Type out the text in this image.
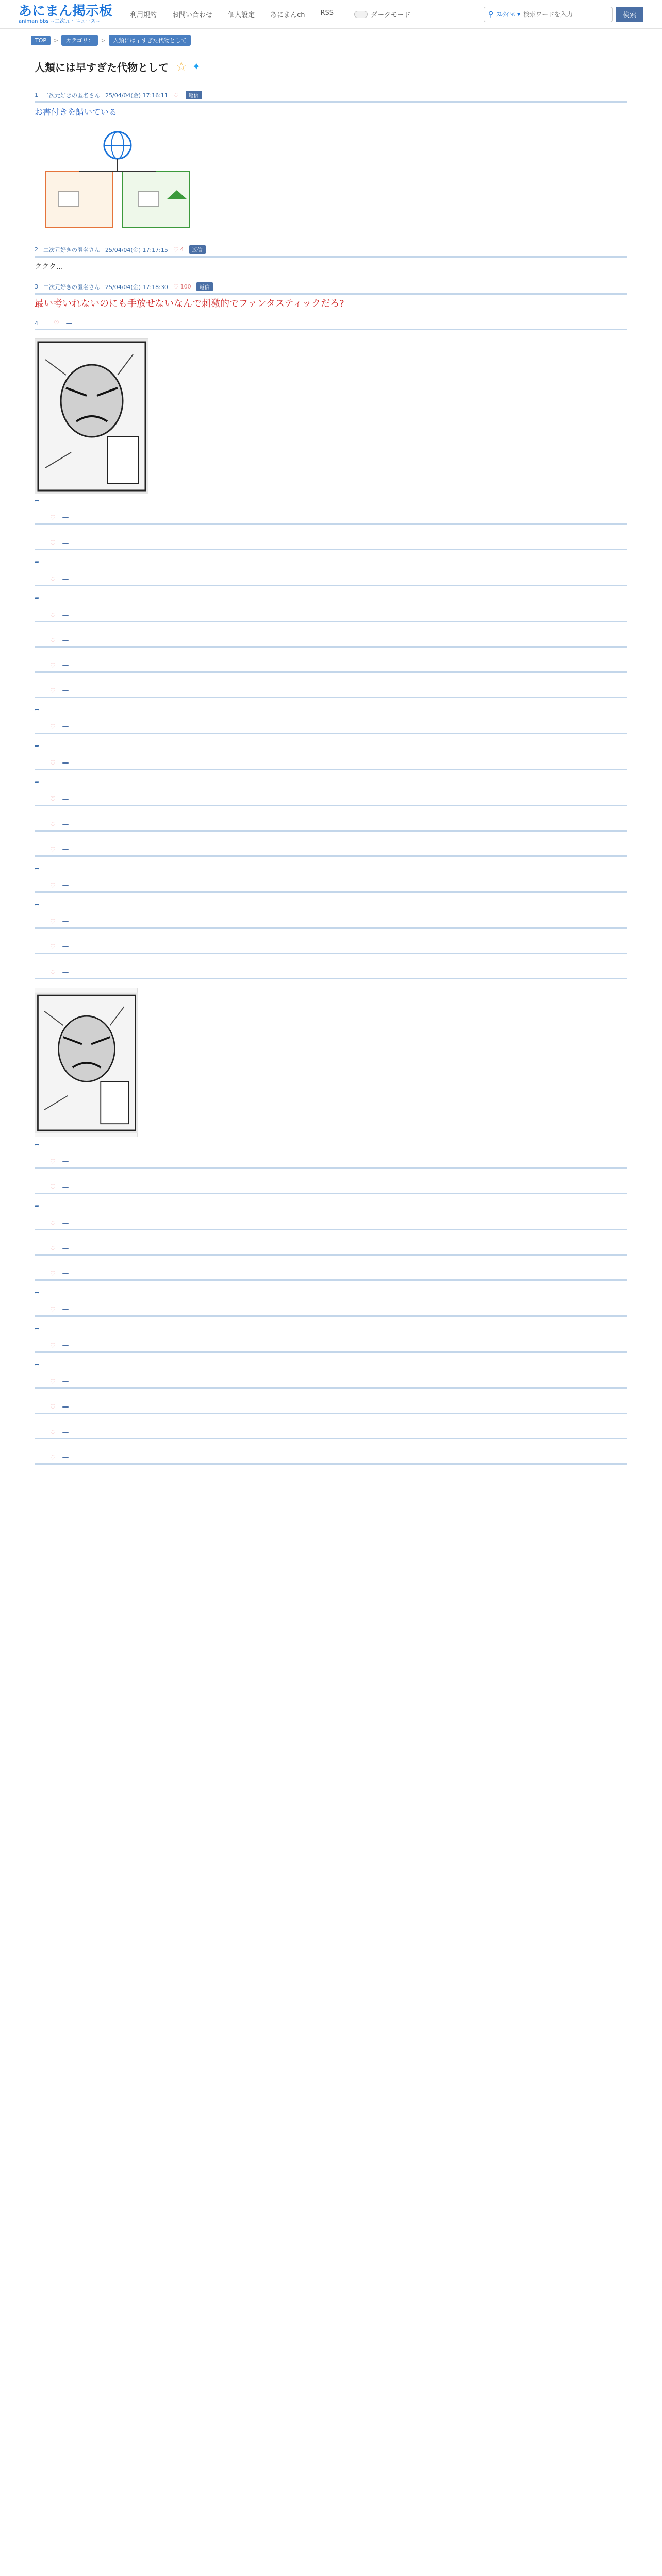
あにまん掲示板
animan bbs ~二次元・ニュース~
利用規約 お問い合わせ 個人設定 あにまんch RSS	ダークモード	⚲ ｽﾚﾀｲﾄﾙ ▾
検索ワードを入力	検索
TOP	>	カテゴリ：	>	人類には早すぎた代物として
人類には早すぎた代物として ☆ ✦
1 二次元好きの匿名さん 25/04/04(金) 17:16:11 ♡	返信
お書付きを請いている
2 二次元好きの匿名さん 25/04/04(金) 17:17:15 ♡ 4	返信
ククク...
3 二次元好きの匿名さん 25/04/04(金) 17:18:30 ♡ 100	返信
最い考いれないのにも手放せないなんで刺激的でファンタスティックだろ?
4	♡
➦
♡
♡
➦
♡
➦
♡
♡
♡
♡
➦
♡
➦
♡
➦
♡
♡
♡
➦
♡
➦
♡
♡
♡
➦
♡
♡
➦
♡
♡
♡
➦
♡
➦
♡
➦
♡
♡
♡
♡
